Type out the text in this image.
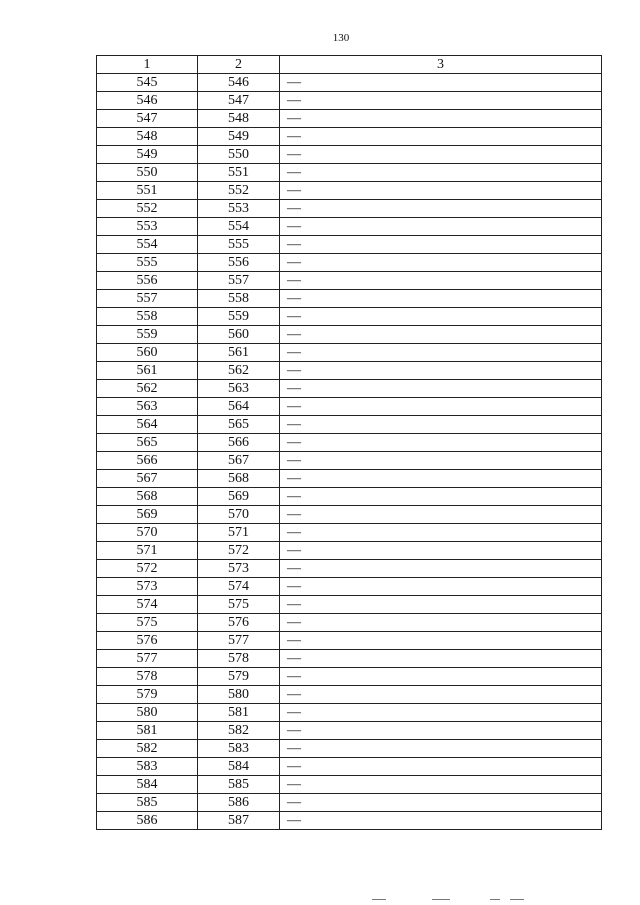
130
1	2	3
545	546	—
546	547	—
547	548	—
548	549	—
549	550	—
550	551	—
551	552	—
552	553	—
553	554	—
554	555	—
555	556	—
556	557	—
557	558	—
558	559	—
559	560	—
560	561	—
561	562	—
562	563	—
563	564	—
564	565	—
565	566	—
566	567	—
567	568	—
568	569	—
569	570	—
570	571	—
571	572	—
572	573	—
573	574	—
574	575	—
575	576	—
576	577	—
577	578	—
578	579	—
579	580	—
580	581	—
581	582	—
582	583	—
583	584	—
584	585	—
585	586	—
586	587	—
